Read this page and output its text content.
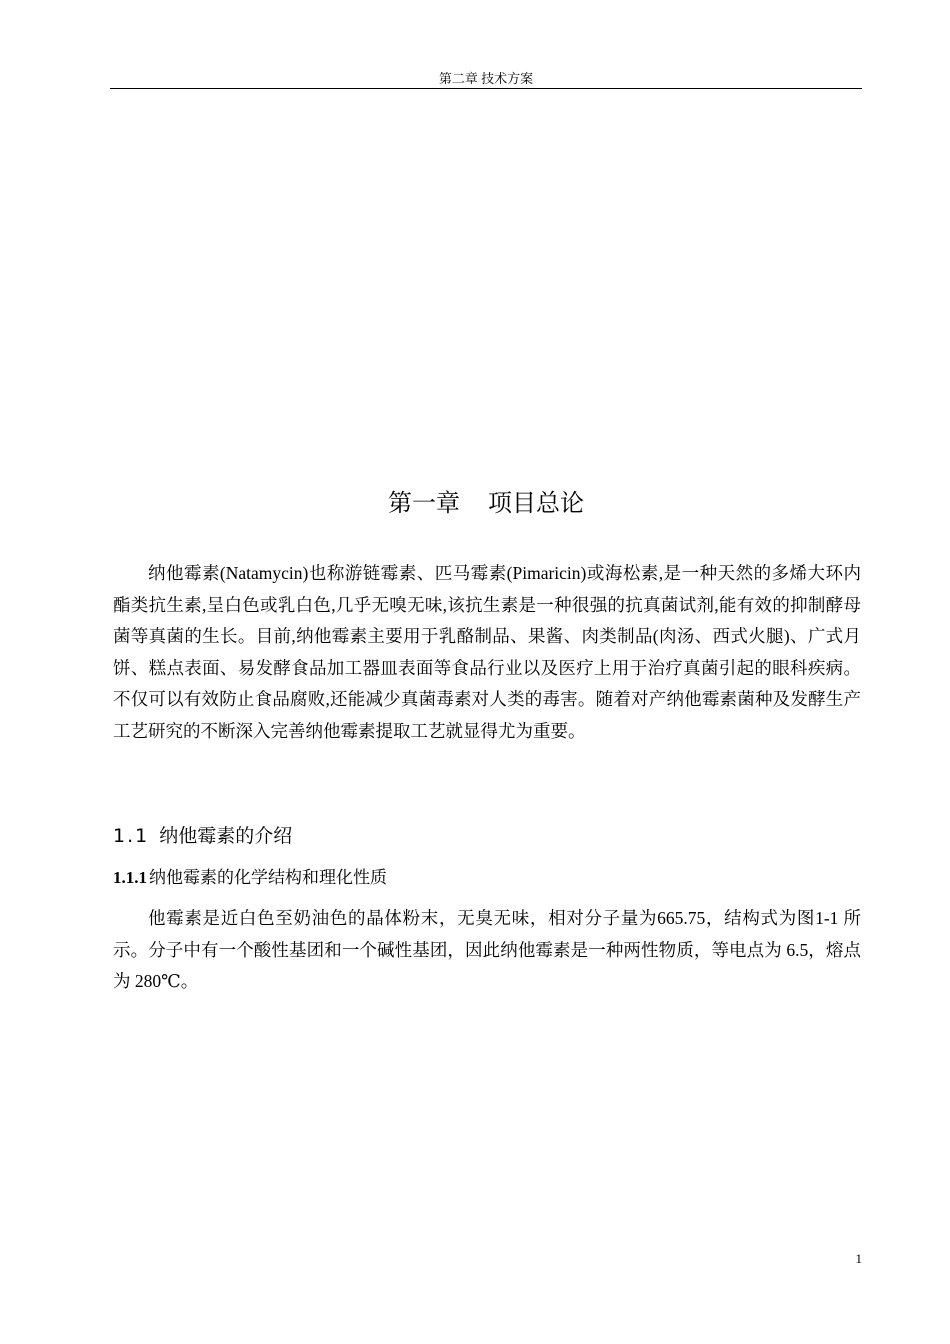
第二章 技术方案
第一章 项目总论

纳他霉素(Natamycin)也称游链霉素、匹马霉素(Pimaricin)或海松素,是一种天然的多烯大环内酯类抗生素,呈白色或乳白色,几乎无嗅无味,该抗生素是一种很强的抗真菌试剂,能有效的抑制酵母菌等真菌的生长。目前,纳他霉素主要用于乳酪制品、果酱、肉类制品(肉汤、西式火腿)、广式月饼、糕点表面、易发酵食品加工器皿表面等食品行业以及医疗上用于治疗真菌引起的眼科疾病。不仅可以有效防止食品腐败,还能减少真菌毒素对人类的毒害。随着对产纳他霉素菌种及发酵生产工艺研究的不断深入完善纳他霉素提取工艺就显得尤为重要。

1.1 纳他霉素的介绍
1.1.1 纳他霉素的化学结构和理化性质

他霉素是近白色至奶油色的晶体粉末，无臭无味，相对分子量为665.75，结构式为图1-1 所示。分子中有一个酸性基团和一个碱性基团，因此纳他霉素是一种两性物质，等电点为 6.5，熔点为 280℃。

1
